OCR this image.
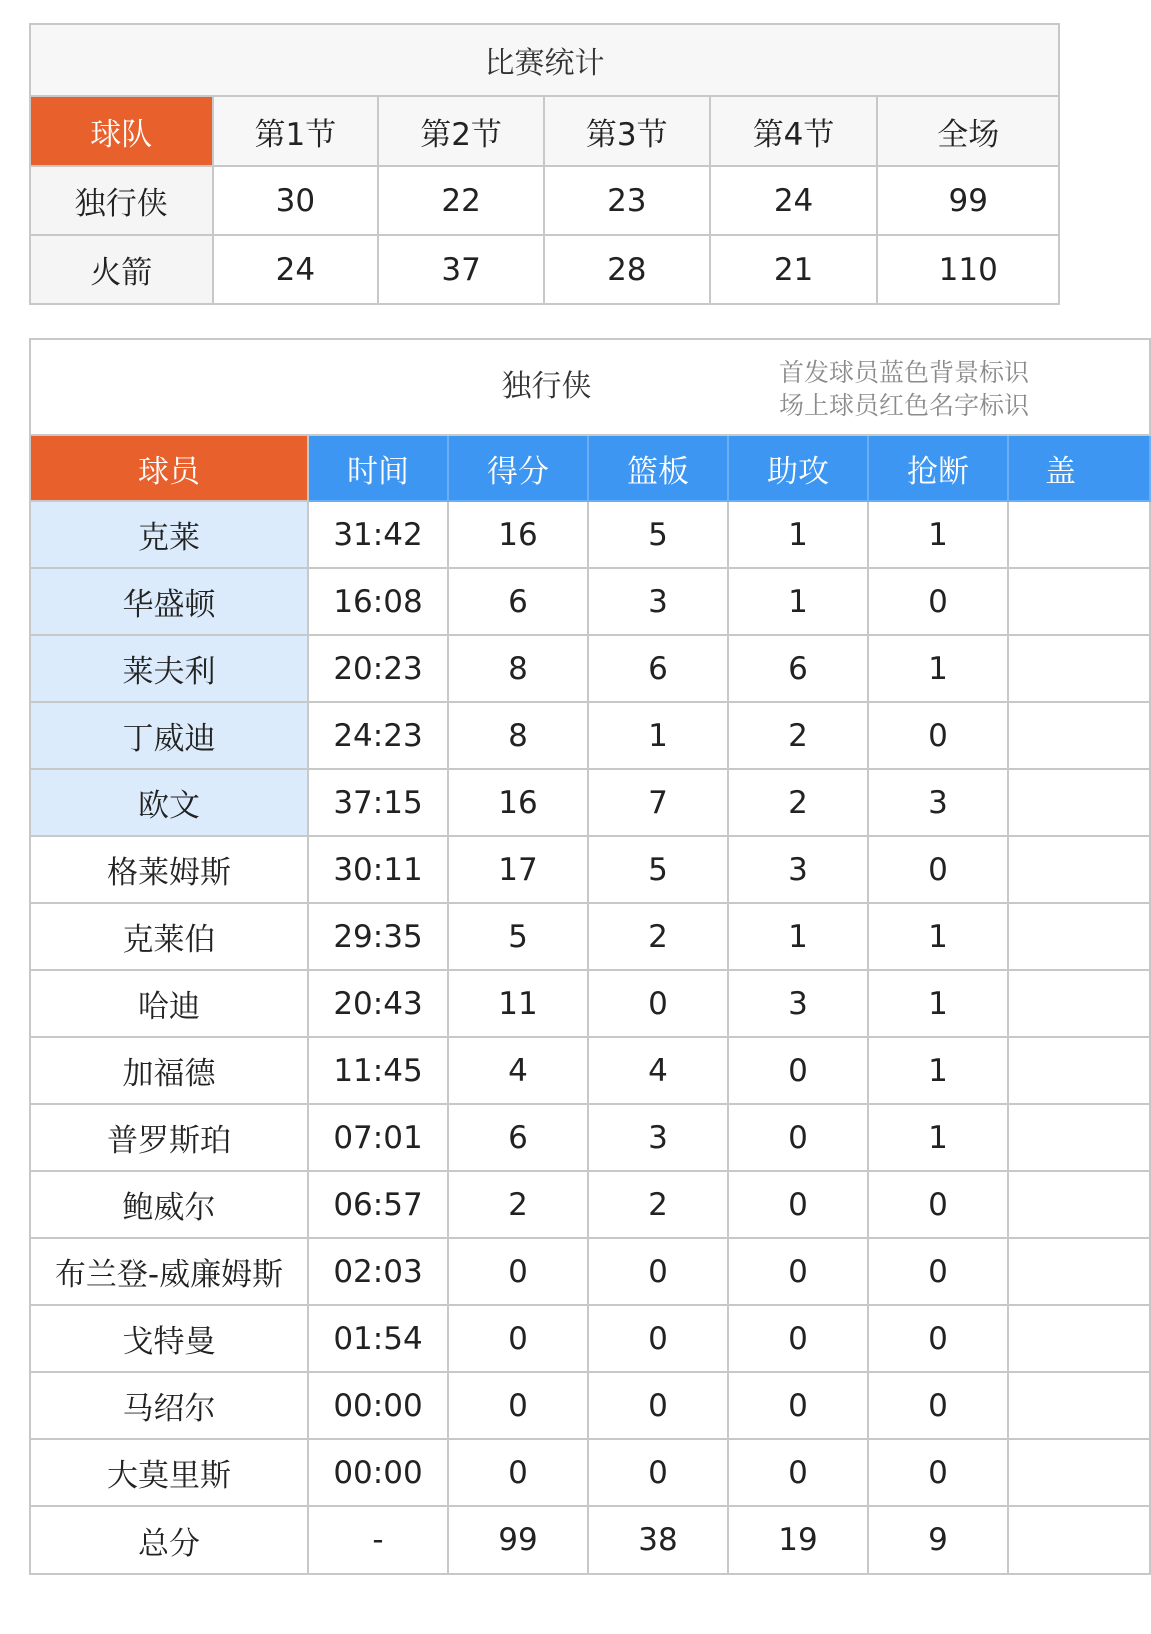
比赛统计					
球队	第1节	第2节	第3节	第4节	全场
独行侠	30	22	23	24	99
火箭	24	37	28	21	110
独行侠 首发球员蓝色背景标识
场上球员红色名字标识						

球员	时间	得分	篮板	助攻	抢断	盖
克莱	31:42	16	5	1	1	
华盛顿	16:08	6	3	1	0	
莱夫利	20:23	8	6	6	1	
丁威迪	24:23	8	1	2	0	
欧文	37:15	16	7	2	3	
格莱姆斯	30:11	17	5	3	0	
克莱伯	29:35	5	2	1	1	
哈迪	20:43	11	0	3	1	
加福德	11:45	4	4	0	1	
普罗斯珀	07:01	6	3	0	1	
鲍威尔	06:57	2	2	0	0	
布兰登-威廉姆斯	02:03	0	0	0	0	
戈特曼	01:54	0	0	0	0	
马绍尔	00:00	0	0	0	0	
大莫里斯	00:00	0	0	0	0	
总分	-	99	38	19	9	
